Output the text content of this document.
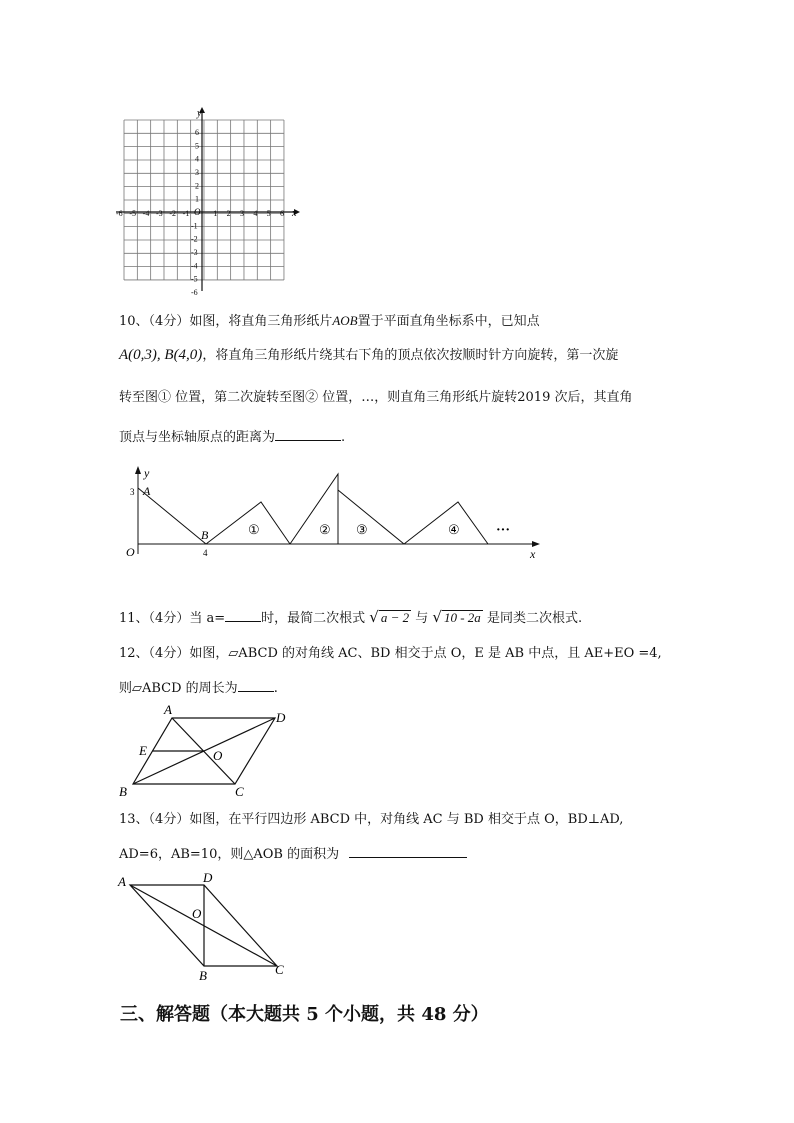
x
y
O
-6 -5 -4 -3 -2 -1	1 2 3 4 5 6
6
5
4
3
2
1
-1
-2
-3
-4
-5
-6
10、（4分）如图，将直角三角形纸片AOB置于平面直角坐标系中，已知点
A(0,3), B(4,0)，将直角三角形纸片绕其右下角的顶点依次按顺时针方向旋转，第一次旋
转至图① 位置，第二次旋转至图② 位置，…，则直角三角形纸片旋转2019 次后，其直角
顶点与坐标轴原点的距离为	.
y
x
O
A
B
3
4
①	② ③	④	···
11、（4分）当 a=	时，最简二次根式 √ a − 2 与 √ 10 - 2a 是同类二次根式.
12、（4分）如图，▱ABCD 的对角线 AC、BD 相交于点 O，E 是 AB 中点，且 AE+EO =4,
则▱ABCD 的周长为	.
A
D
E	O
B	C
13、（4分）如图，在平行四边形 ABCD 中，对角线 AC 与 BD 相交于点 O，BD⊥AD,
AD=6，AB=10，则△AOB 的面积为
A	D
O
B	C
三、解答题（本大题共 5 个小题，共 48 分）
